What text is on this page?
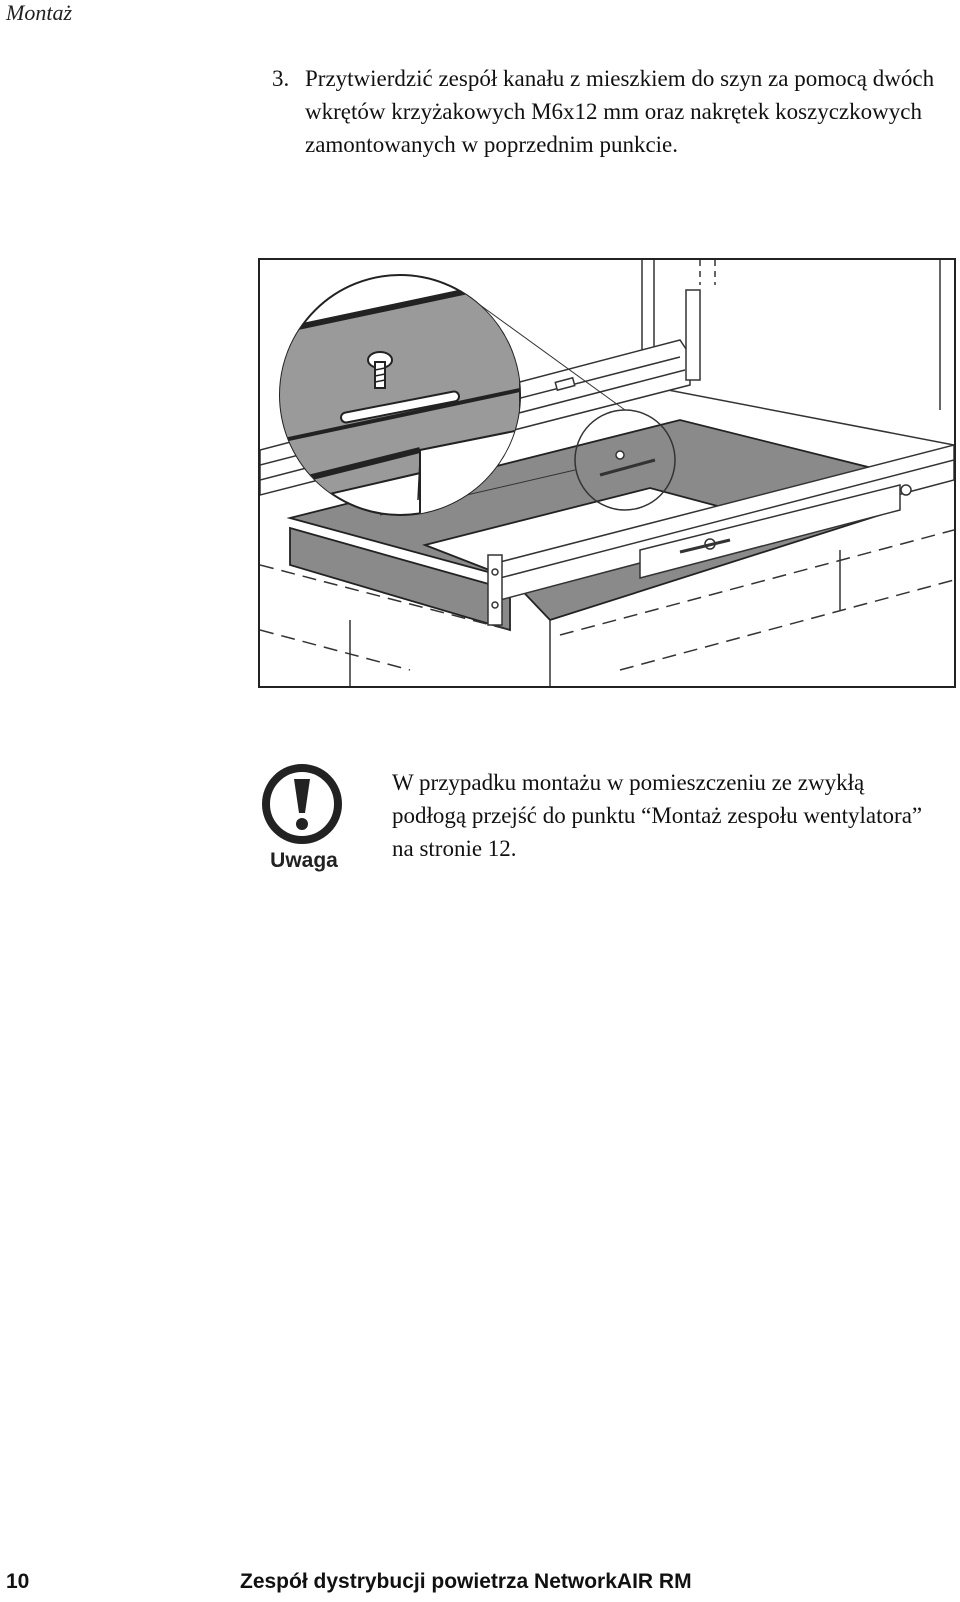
Montaż
3. Przytwierdzić zespół kanału z mieszkiem do szyn za pomocą dwóch wkrętów krzyżakowych M6x12 mm oraz nakrętek koszyczkowych zamontowanych w poprzednim punkcie.
Uwaga
W przypadku montażu w pomieszczeniu ze zwykłą podłogą przejść do punktu “Montaż zespołu wentylatora” na stronie 12.
10	Zespół dystrybucji powietrza NetworkAIR RM
